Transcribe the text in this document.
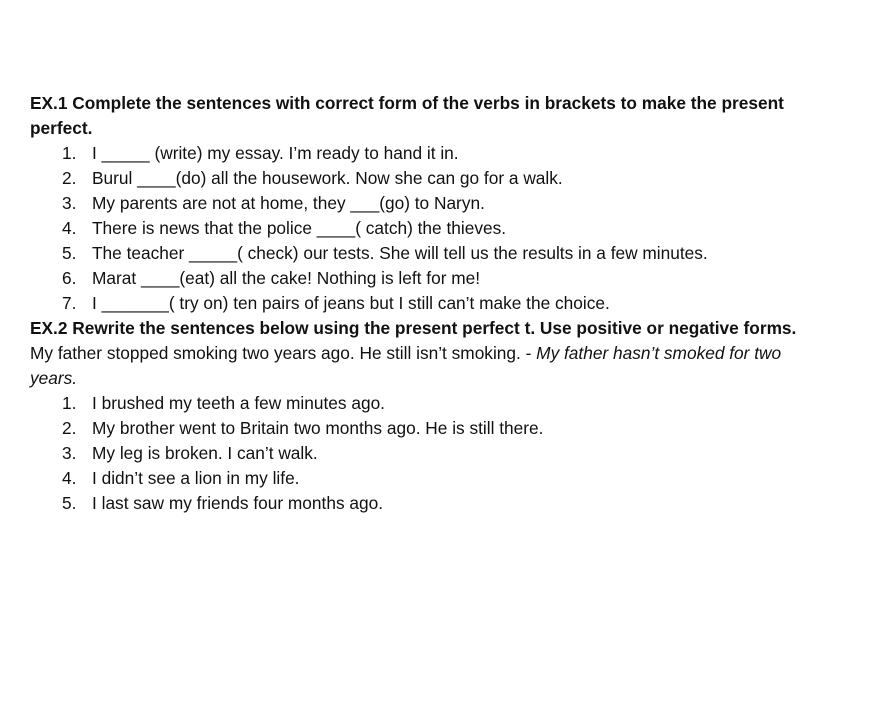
EX.1 Complete the sentences with correct form of the verbs in brackets to make the present perfect.

1. I _____ (write) my essay. I’m ready to hand it in.
2. Burul ____(do) all the housework. Now she can go for a walk.
3. My parents are not at home, they ___(go) to Naryn.
4. There is news that the police ____( catch) the thieves.
5. The teacher _____( check) our tests. She will tell us the results in a few minutes.
6. Marat ____(eat) all the cake! Nothing is left for me!
7. I _______( try on) ten pairs of jeans but I still can’t make the choice.

EX.2 Rewrite the sentences below using the present perfect t. Use positive or negative forms.

My father stopped smoking two years ago. He still isn’t smoking. - My father hasn’t smoked for two years.

1. I brushed my teeth a few minutes ago.
2. My brother went to Britain two months ago. He is still there.
3. My leg is broken. I can’t walk.
4. I didn’t see a lion in my life.
5. I last saw my friends four months ago.
